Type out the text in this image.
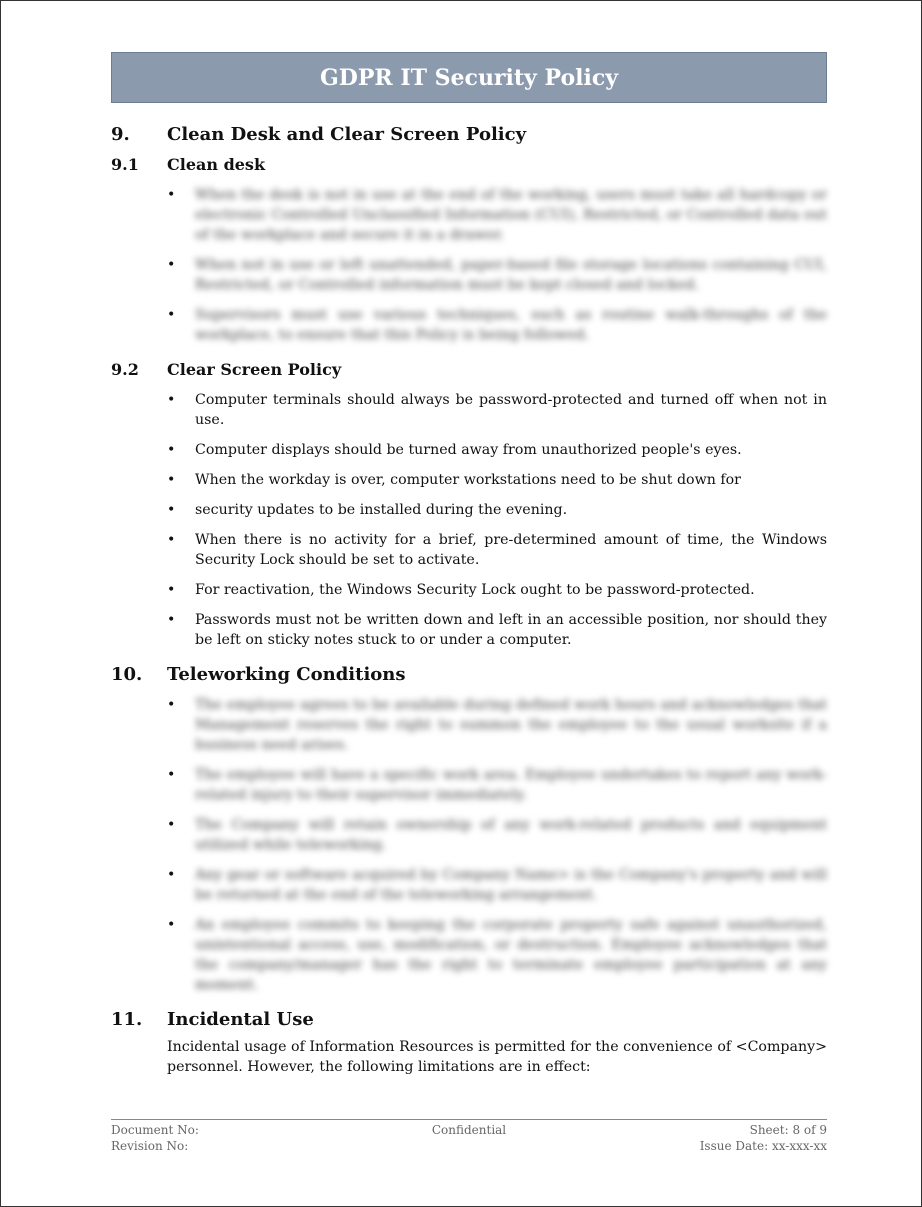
GDPR IT Security Policy
9.	Clean Desk and Clear Screen Policy
9.1	Clean desk
•	When the desk is not in use at the end of the working, users must take all hardcopy or electronic Controlled Unclassified Information (CUI), Restricted, or Controlled data out of the workplace and secure it in a drawer.
•	When not in use or left unattended, paper-based file storage locations containing CUI, Restricted, or Controlled information must be kept closed and locked.
•	Supervisors must use various techniques, such as routine walk-throughs of the workplace, to ensure that this Policy is being followed.
9.2	Clear Screen Policy
•	Computer terminals should always be password-protected and turned off when not in use.
•	Computer displays should be turned away from unauthorized people's eyes.
•	When the workday is over, computer workstations need to be shut down for
•	security updates to be installed during the evening.
•	When there is no activity for a brief, pre-determined amount of time, the Windows Security Lock should be set to activate.
•	For reactivation, the Windows Security Lock ought to be password-protected.
•	Passwords must not be written down and left in an accessible position, nor should they be left on sticky notes stuck to or under a computer.
10.	Teleworking Conditions
•	The employee agrees to be available during defined work hours and acknowledges that Management reserves the right to summon the employee to the usual worksite if a business need arises.
•	The employee will have a specific work area. Employee undertakes to report any work-related injury to their supervisor immediately.
•	The Company will retain ownership of any work-related products and equipment utilized while teleworking.
•	Any gear or software acquired by Company Name> is the Company's property and will be returned at the end of the teleworking arrangement.
•	An employee commits to keeping the corporate property safe against unauthorized, unintentional access, use, modification, or destruction. Employee acknowledges that the company/manager has the right to terminate employee participation at any moment.
11.	Incidental Use

Incidental usage of Information Resources is permitted for the convenience of <Company> personnel. However, the following limitations are in effect:

Document No:	Confidential	Sheet: 8 of 9
Revision No:	Issue Date: xx-xxx-xx
